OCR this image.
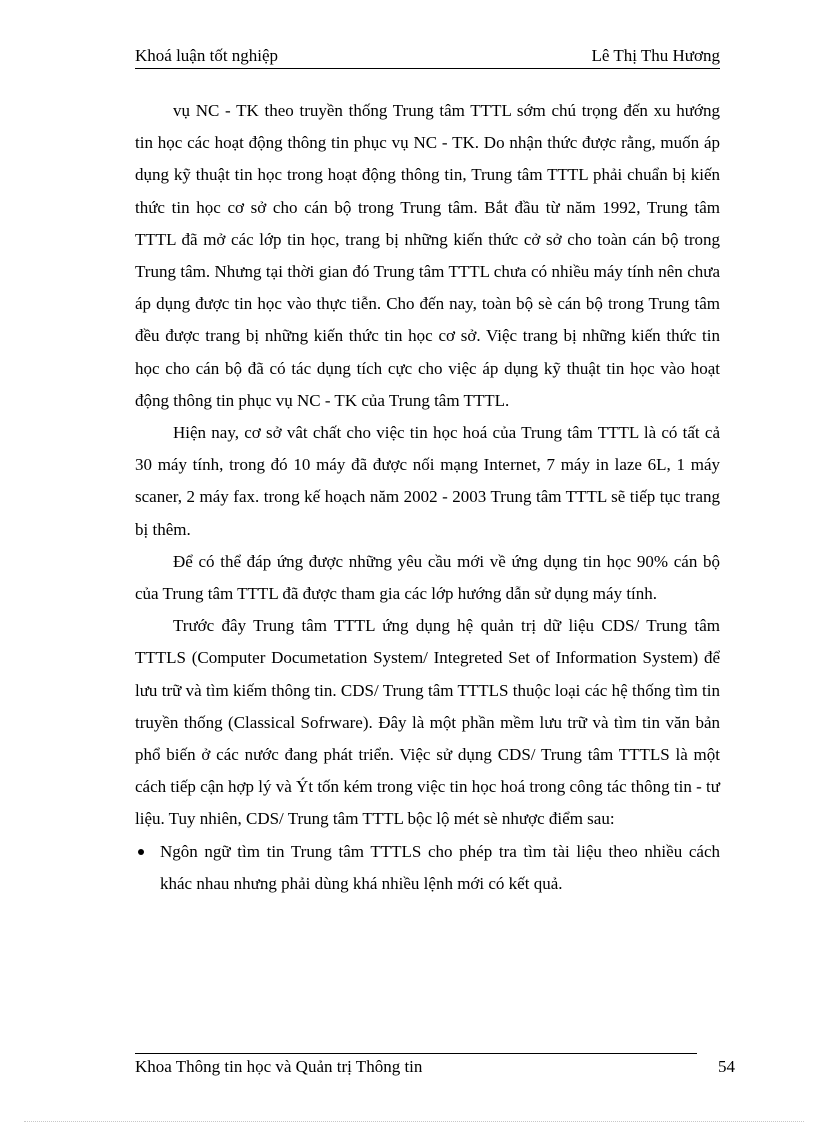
Khoá luận tốt nghiệp	Lê Thị Thu Hương

vụ NC - TK theo truyền thống Trung tâm TTTL sớm chú trọng đến xu hướng tin học các hoạt động thông tin phục vụ NC - TK. Do nhận thức được rằng, muốn áp dụng kỹ thuật tin học trong hoạt động thông tin, Trung tâm TTTL phải chuẩn bị kiến thức tin học cơ sở cho cán bộ trong Trung tâm. Bắt đầu từ năm 1992, Trung tâm TTTL đã mở các lớp tin học, trang bị những kiến thức cở sở cho toàn cán bộ trong Trung tâm. Nhưng tại thời gian đó Trung tâm TTTL chưa có nhiều máy tính nên chưa áp dụng được tin học vào thực tiễn. Cho đến nay, toàn bộ sè cán bộ trong Trung tâm đều được trang bị những kiến thức tin học cơ sở. Việc trang bị những kiến thức tin học cho cán bộ đã có tác dụng tích cực cho việc áp dụng kỹ thuật tin học vào hoạt động thông tin phục vụ NC - TK của Trung tâm TTTL.

Hiện nay, cơ sở vât chất cho việc tin học hoá của Trung tâm TTTL là có tất cả 30 máy tính, trong đó 10 máy đã được nối mạng Internet, 7 máy in laze 6L, 1 máy scaner, 2 máy fax. trong kế hoạch năm 2002 - 2003 Trung tâm TTTL sẽ tiếp tục trang bị thêm.

Để có thể đáp ứng được những yêu cầu mới về ứng dụng tin học 90% cán bộ của Trung tâm TTTL đã được tham gia các lớp hướng dẫn sử dụng máy tính.

Trước đây Trung tâm TTTL ứng dụng hệ quản trị dữ liệu CDS/ Trung tâm TTTLS (Computer Documetation System/ Integreted Set of Information System) để lưu trữ và tìm kiếm thông tin. CDS/ Trung tâm TTTLS thuộc loại các hệ thống tìm tin truyền thống (Classical Sofrware). Đây là một phần mềm lưu trữ và tìm tin văn bản phổ biến ở các nước đang phát triển. Việc sử dụng CDS/ Trung tâm TTTLS là một cách tiếp cận hợp lý và Ýt tốn kém trong việc tin học hoá trong công tác thông tin - tư liệu. Tuy nhiên, CDS/ Trung tâm TTTL bộc lộ mét sè nhược điểm sau:

Ngôn ngữ tìm tin Trung tâm TTTLS cho phép tra tìm tài liệu theo nhiều cách khác nhau nhưng phải dùng khá nhiều lệnh mới có kết quả.
Khoa Thông tin học và Quản trị Thông tin	54
